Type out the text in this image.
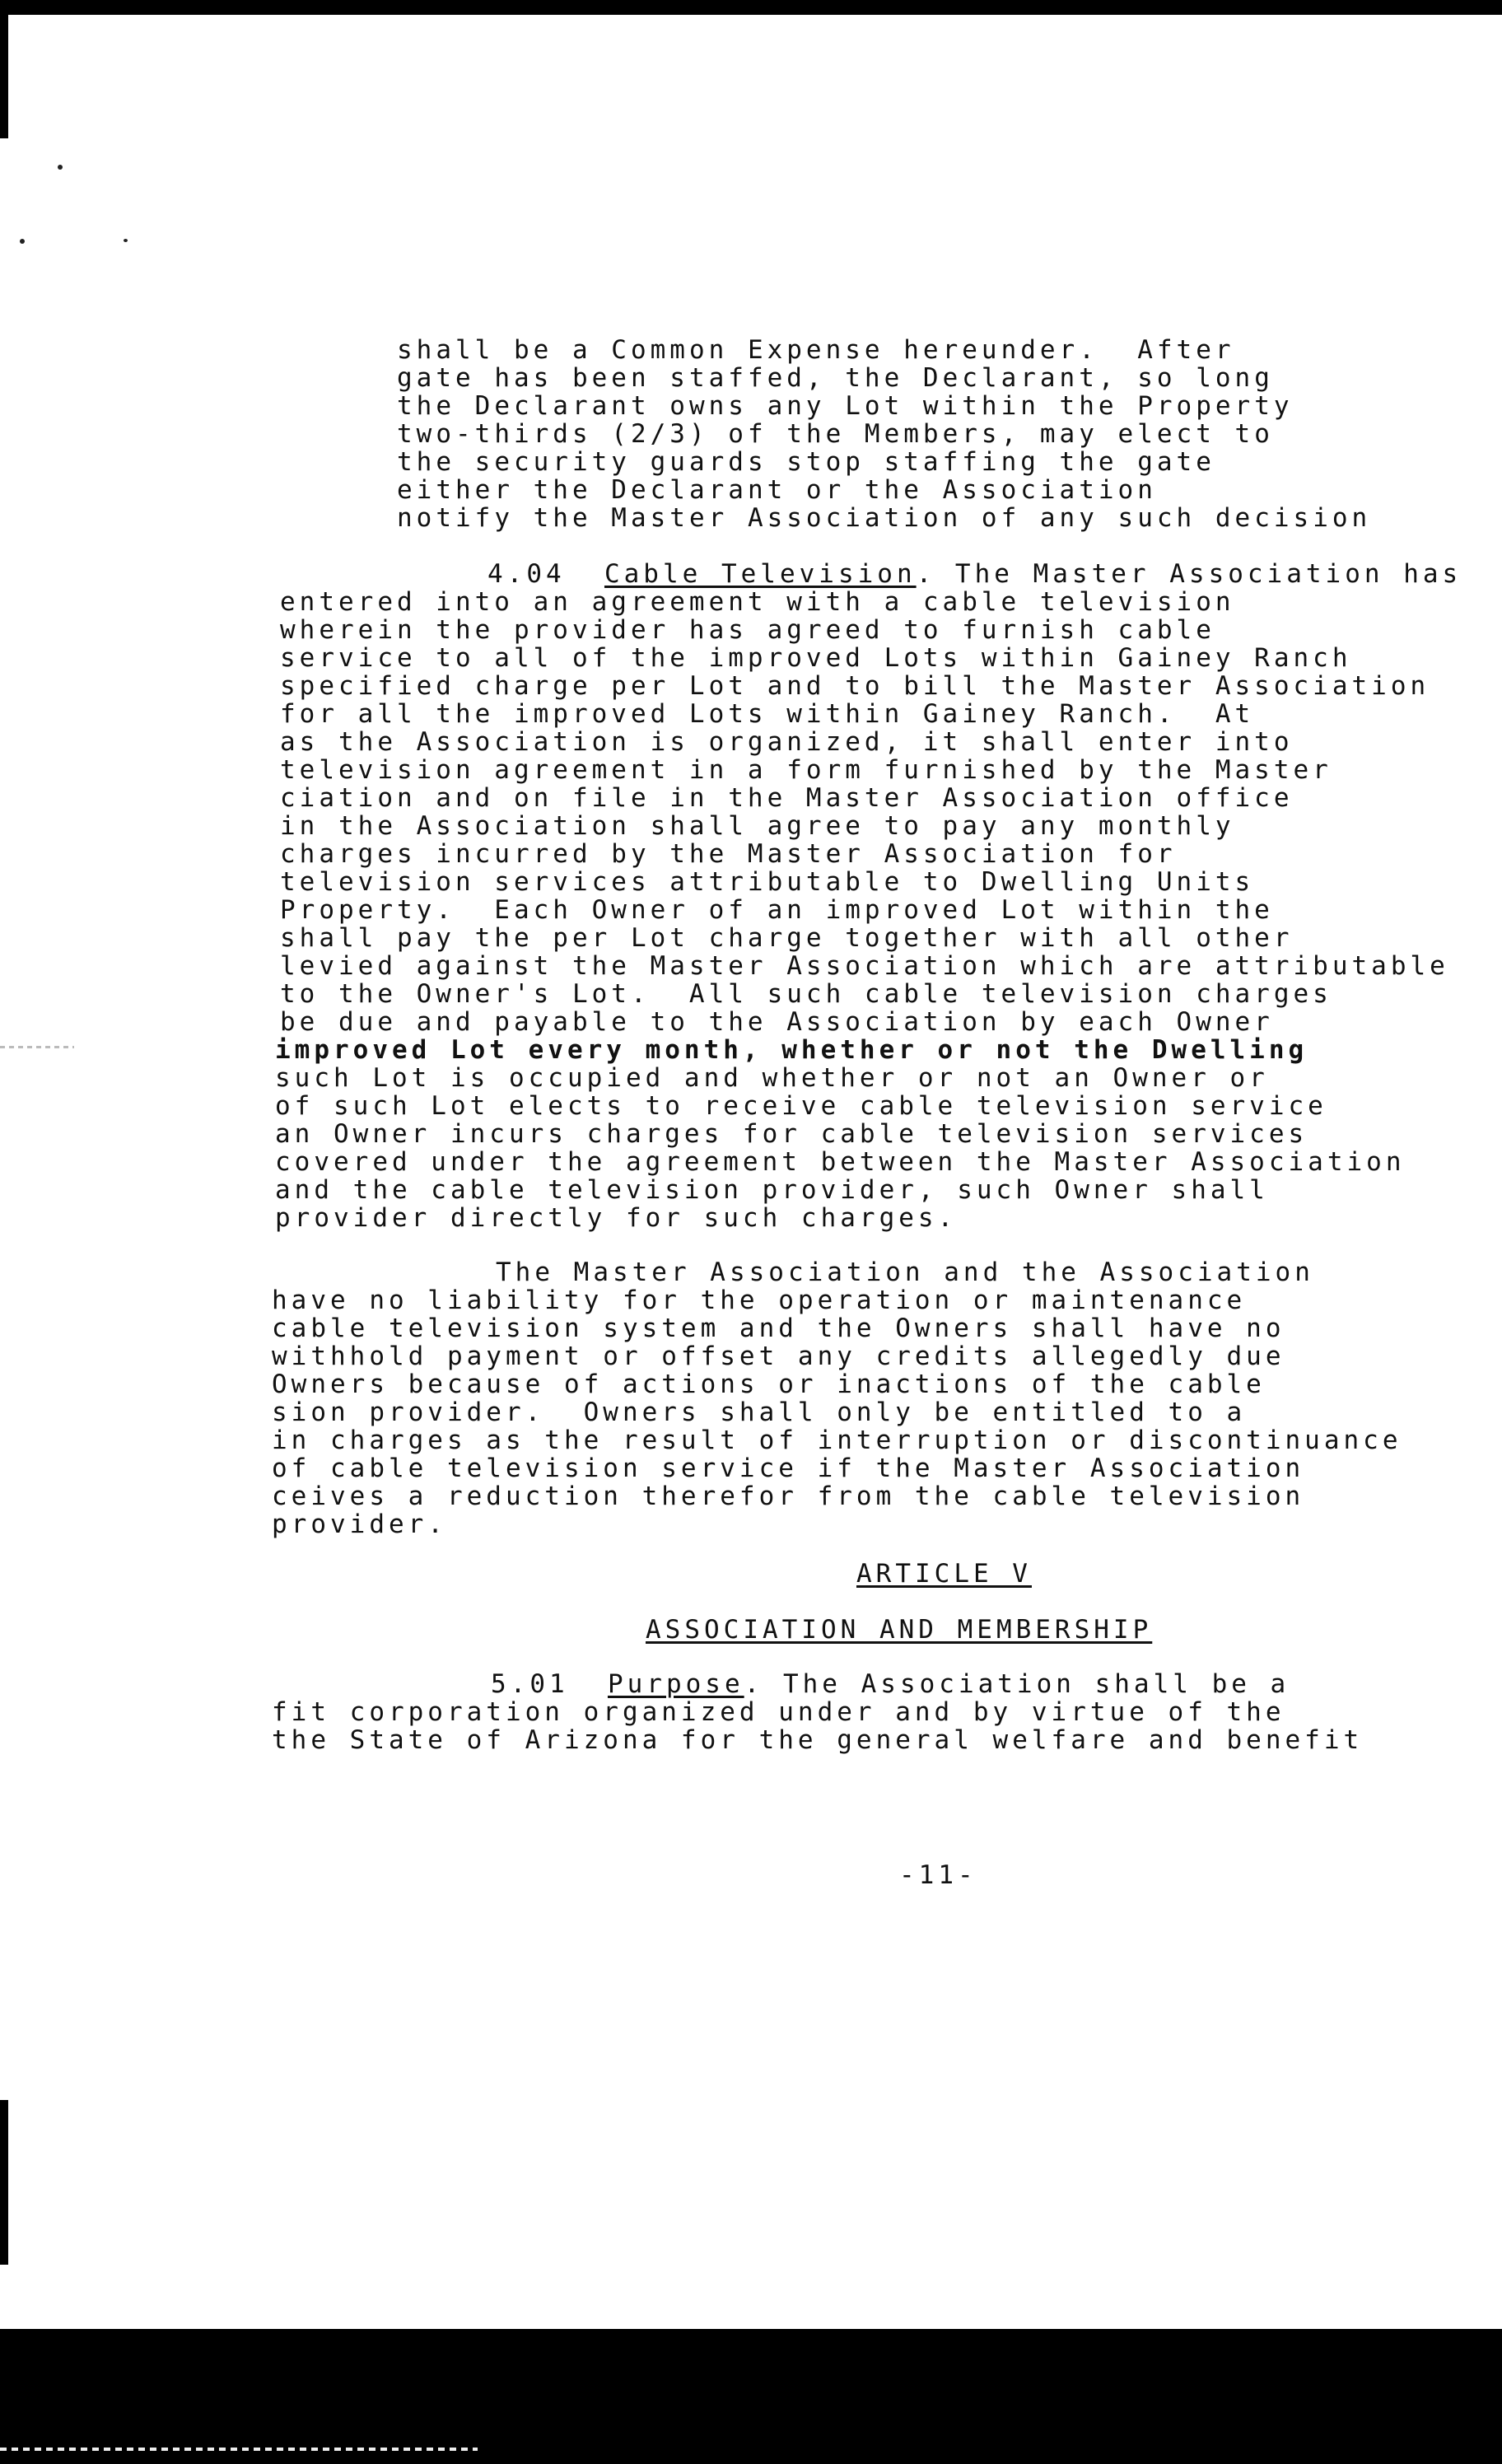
shall be a Common Expense hereunder.  After
gate has been staffed, the Declarant, so long
the Declarant owns any Lot within the Property
two-thirds (2/3) of the Members, may elect to
the security guards stop staffing the gate
either the Declarant or the Association
notify the Master Association of any such decision
4.04 Cable Television. The Master Association has
entered into an agreement with a cable television
wherein the provider has agreed to furnish cable
service to all of the improved Lots within Gainey Ranch
specified charge per Lot and to bill the Master Association
for all the improved Lots within Gainey Ranch.  At
as the Association is organized, it shall enter into
television agreement in a form furnished by the Master
ciation and on file in the Master Association office
in the Association shall agree to pay any monthly
charges incurred by the Master Association for
television services attributable to Dwelling Units
Property.  Each Owner of an improved Lot within the
shall pay the per Lot charge together with all other
levied against the Master Association which are attributable
to the Owner's Lot.  All such cable television charges
be due and payable to the Association by each Owner
improved Lot every month, whether or not the Dwelling
such Lot is occupied and whether or not an Owner or
of such Lot elects to receive cable television service
an Owner incurs charges for cable television services
covered under the agreement between the Master Association
and the cable television provider, such Owner shall
provider directly for such charges.
The Master Association and the Association
have no liability for the operation or maintenance
cable television system and the Owners shall have no
withhold payment or offset any credits allegedly due
Owners because of actions or inactions of the cable
sion provider.  Owners shall only be entitled to a
in charges as the result of interruption or discontinuance
of cable television service if the Master Association
ceives a reduction therefor from the cable television
provider.
ARTICLE V
ASSOCIATION AND MEMBERSHIP
5.01 Purpose. The Association shall be a
fit corporation organized under and by virtue of the
the State of Arizona for the general welfare and benefit
-11-
